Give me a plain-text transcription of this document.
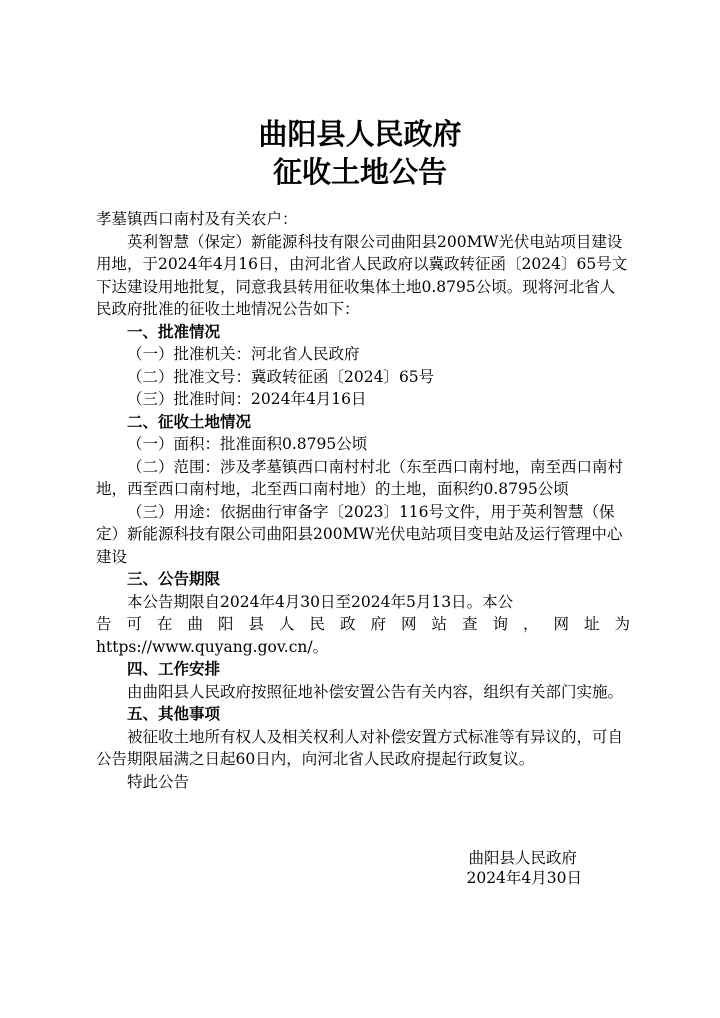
曲阳县人民政府
征收土地公告

孝墓镇西口南村及有关农户：

英利智慧（保定）新能源科技有限公司曲阳县200MW光伏电站项目建设用地，于2024年4月16日，由河北省人民政府以冀政转征函〔2024〕65号文下达建设用地批复，同意我县转用征收集体土地0.8795公顷。现将河北省人民政府批准的征收土地情况公告如下：

一、批准情况

（一）批准机关：河北省人民政府

（二）批准文号：冀政转征函〔2024〕65号

（三）批准时间：2024年4月16日

二、征收土地情况

（一）面积：批准面积0.8795公顷

（二）范围：涉及孝墓镇西口南村村北（东至西口南村地，南至西口南村地，西至西口南村地，北至西口南村地）的土地，面积约0.8795公顷

（三）用途：依据曲行审备字〔2023〕116号文件，用于英利智慧（保定）新能源科技有限公司曲阳县200MW光伏电站项目变电站及运行管理中心建设

三、公告期限

本公告期限自2024年4月30日至2024年5月13日。本公

告可在曲阳县人民政府网站查询，网址为

https://www.quyang.gov.cn/。

四、工作安排

由曲阳县人民政府按照征地补偿安置公告有关内容，组织有关部门实施。

五、其他事项

被征收土地所有权人及相关权利人对补偿安置方式标准等有异议的，可自公告期限届满之日起60日内，向河北省人民政府提起行政复议。

特此公告

曲阳县人民政府

2024年4月30日
